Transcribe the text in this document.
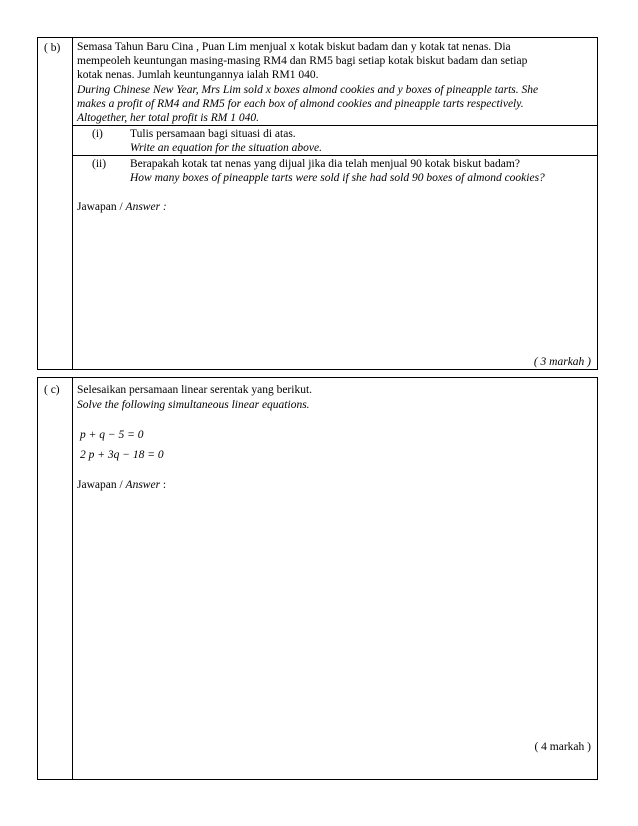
( b) Semasa Tahun Baru Cina , Puan Lim menjual x kotak biskut badam dan y kotak tat nenas. Dia
mempeoleh keuntungan masing-masing RM4 dan RM5 bagi setiap kotak biskut badam dan setiap
kotak nenas. Jumlah keuntungannya ialah RM1 040.
During Chinese New Year, Mrs Lim sold x boxes almond cookies and y boxes of pineapple tarts. She
makes a profit of RM4 and RM5 for each box of almond cookies and pineapple tarts respectively.
Altogether, her total profit is RM 1 040.
(i) Tulis persamaan bagi situasi di atas.
Write an equation for the situation above.
(ii) Berapakah kotak tat nenas yang dijual jika dia telah menjual 90 kotak biskut badam?
How many boxes of pineapple tarts were sold if she had sold 90 boxes of almond cookies?
Jawapan / Answer :
( 3 markah )
( c) Selesaikan persamaan linear serentak yang berikut.
Solve the following simultaneous linear equations.
p + q − 5 = 0
2 p + 3q − 18 = 0
Jawapan / Answer :
( 4 markah )
